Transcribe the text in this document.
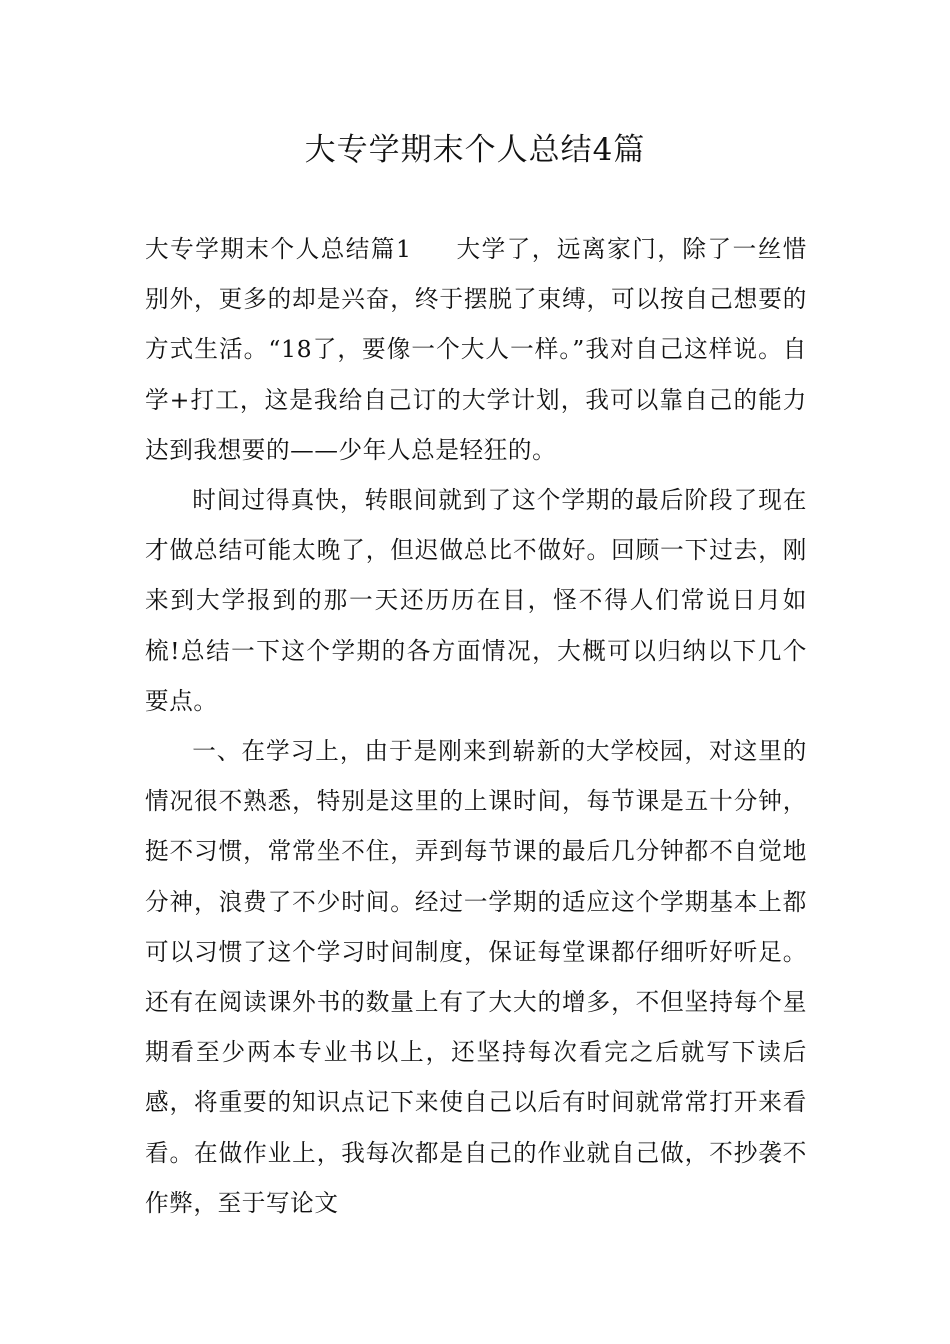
大专学期末个人总结4篇

大专学期末个人总结篇1 大学了，远离家门，除了一丝惜别外，更多的却是兴奋，终于摆脱了束缚，可以按自己想要的方式生活。“18了，要像一个大人一样。”我对自己这样说。自学+打工，这是我给自己订的大学计划，我可以靠自己的能力达到我想要的——少年人总是轻狂的。

时间过得真快，转眼间就到了这个学期的最后阶段了现在才做总结可能太晚了，但迟做总比不做好。回顾一下过去，刚来到大学报到的那一天还历历在目，怪不得人们常说日月如梳!总结一下这个学期的各方面情况，大概可以归纳以下几个要点。

一、在学习上，由于是刚来到崭新的大学校园，对这里的情况很不熟悉，特别是这里的上课时间，每节课是五十分钟，挺不习惯，常常坐不住，弄到每节课的最后几分钟都不自觉地分神，浪费了不少时间。经过一学期的适应这个学期基本上都可以习惯了这个学习时间制度，保证每堂课都仔细听好听足。还有在阅读课外书的数量上有了大大的增多，不但坚持每个星期看至少两本专业书以上，还坚持每次看完之后就写下读后感，将重要的知识点记下来使自己以后有时间就常常打开来看看。在做作业上，我每次都是自己的作业就自己做，不抄袭不作弊，至于写论文
